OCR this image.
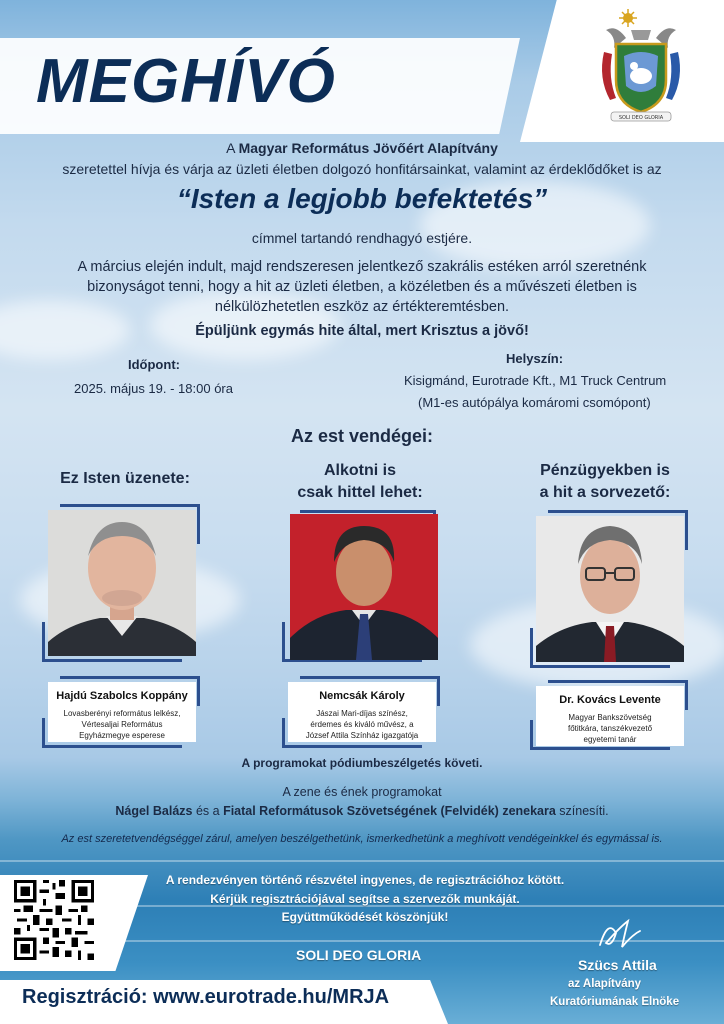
MEGHÍVÓ
SOLI DEO GLORIA
A Magyar Református Jövőért Alapítvány
szeretettel hívja és várja az üzleti életben dolgozó honfitársainkat, valamint az érdeklődőket is az
“Isten a legjobb befektetés”
címmel tartandó rendhagyó estjére.
A március elején indult, majd rendszeresen jelentkező szakrális estéken arról szeretnénk bizonyságot tenni, hogy a hit az üzleti életben, a közéletben és a művészeti életben is nélkülözhetetlen eszköz az értékteremtésben.
Épüljünk egymás hite által, mert Krisztus a jövő!
Időpont:
2025. május 19. - 18:00 óra
Helyszín:
Kisigmánd, Eurotrade Kft., M1 Truck Centrum
(M1-es autópálya komáromi csomópont)
Az est vendégei:
Ez Isten üzenete:	Alkotni is
csak hittel lehet:
Pénzügyekben is
a hit a sorvezető:
Hajdú Szabolcs Koppány
Lovasberényi református lelkész,
Vértesaljai Református
Egyházmegye esperese
Nemcsák Károly
Jászai Mari-díjas színész,
érdemes és kiváló művész, a
József Attila Színház igazgatója
Dr. Kovács Levente
Magyar Bankszövetség
főtitkára, tanszékvezető
egyetemi tanár
A programokat pódiumbeszélgetés követi.
A zene és ének programokat
Nágel Balázs és a Fiatal Reformátusok Szövetségének (Felvidék) zenekara színesíti.
Az est szeretetvendégséggel zárul, amelyen beszélgethetünk, ismerkedhetünk a meghívott vendégeinkkel és egymással is.
A rendezvényen történő részvétel ingyenes, de regisztrációhoz kötött.
Kérjük regisztrációjával segítse a szervezők munkáját.
Együttműködését köszönjük!
SOLI DEO GLORIA
Regisztráció: www.eurotrade.hu/MRJA
Szücs Attila
az Alapítvány
Kuratóriumának Elnöke
